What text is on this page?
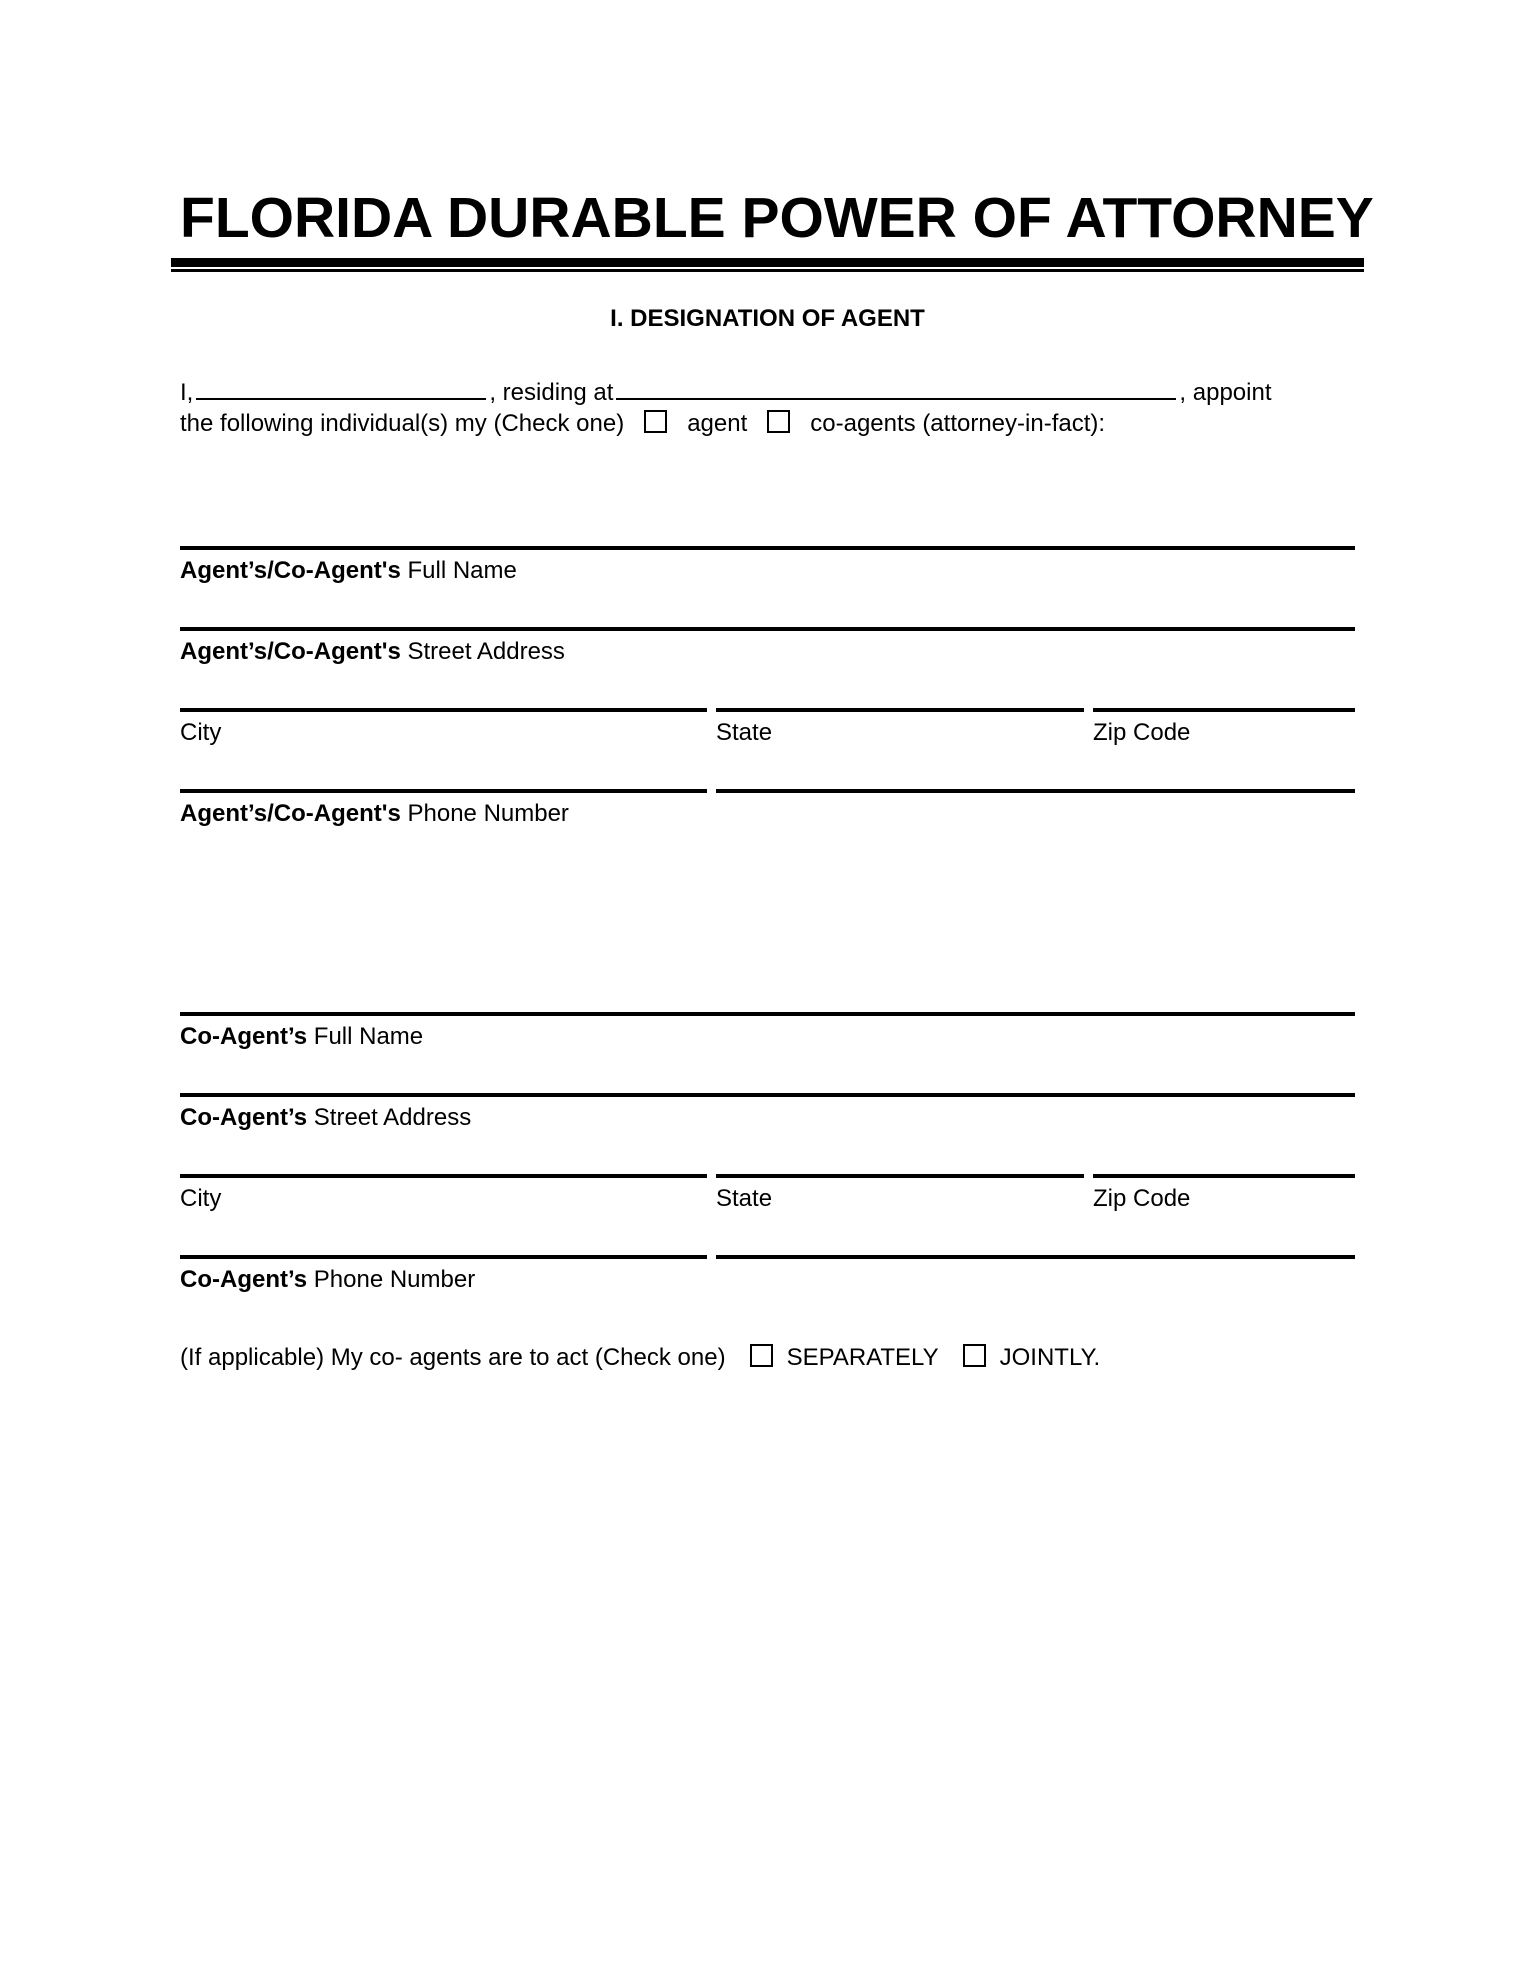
FLORIDA DURABLE POWER OF ATTORNEY
I. DESIGNATION OF AGENT
I,	, residing at	, appoint
the following individual(s) my (Check one)	agent	co-agents (attorney-in-fact):
Agent’s/Co-Agent's Full Name
Agent’s/Co-Agent's Street Address
City	State	Zip Code
Agent’s/Co-Agent's Phone Number
Co-Agent’s Full Name
Co-Agent’s Street Address
City	State	Zip Code
Co-Agent’s Phone Number
(If applicable) My co- agents are to act (Check one)	SEPARATELY	JOINTLY.
